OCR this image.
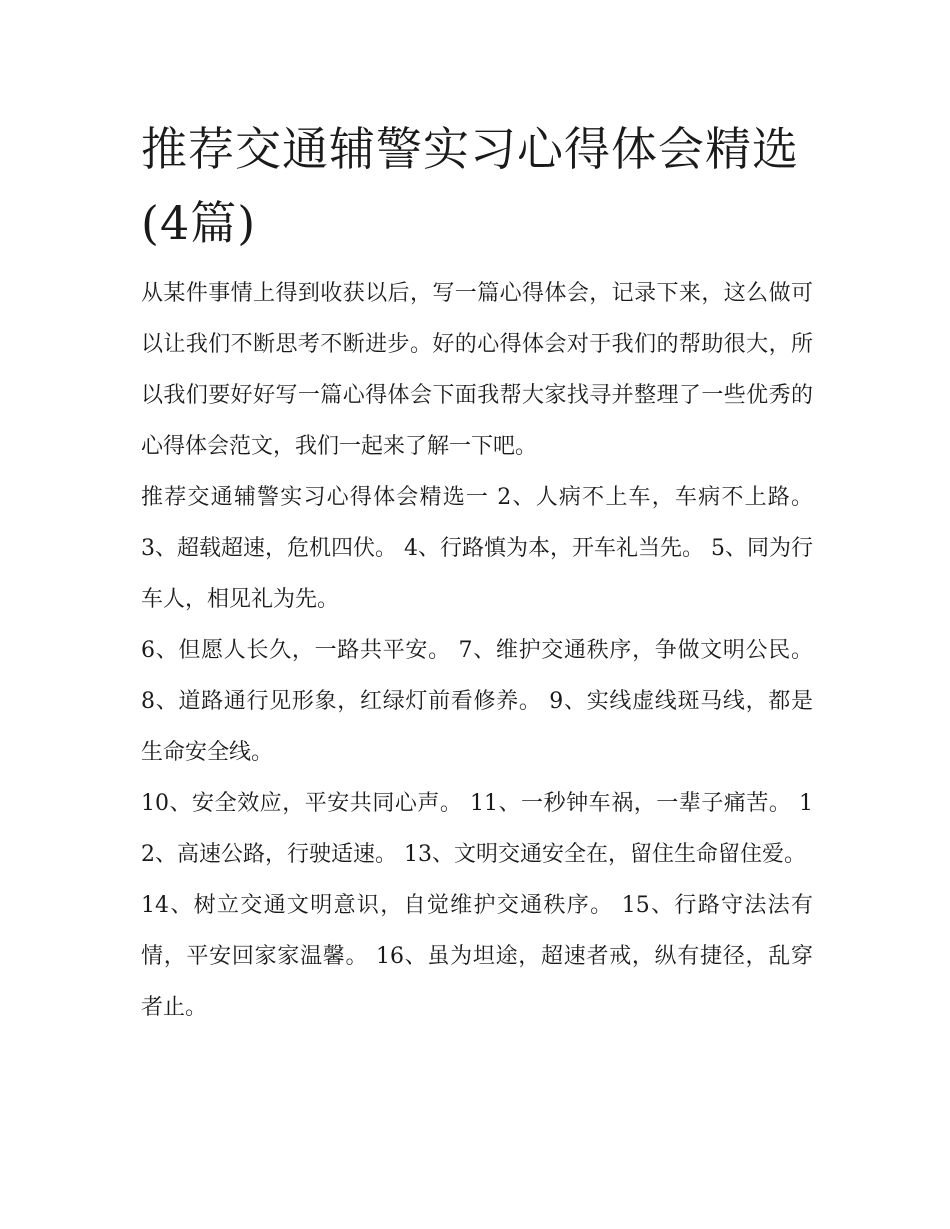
推荐交通辅警实习心得体会精选(4篇)

从某件事情上得到收获以后，写一篇心得体会，记录下来，这么做可以让我们不断思考不断进步。好的心得体会对于我们的帮助很大，所以我们要好好写一篇心得体会下面我帮大家找寻并整理了一些优秀的心得体会范文，我们一起来了解一下吧。

推荐交通辅警实习心得体会精选一 2、人病不上车，车病不上路。 3、超载超速，危机四伏。 4、行路慎为本，开车礼当先。 5、同为行车人，相见礼为先。

6、但愿人长久，一路共平安。 7、维护交通秩序，争做文明公民。 8、道路通行见形象，红绿灯前看修养。 9、实线虚线斑马线，都是生命安全线。

10、安全效应，平安共同心声。 11、一秒钟车祸，一辈子痛苦。 12、高速公路，行驶适速。 13、文明交通安全在，留住生命留住爱。

14、树立交通文明意识，自觉维护交通秩序。 15、行路守法法有情，平安回家家温馨。 16、虽为坦途，超速者戒，纵有捷径，乱穿者止。
